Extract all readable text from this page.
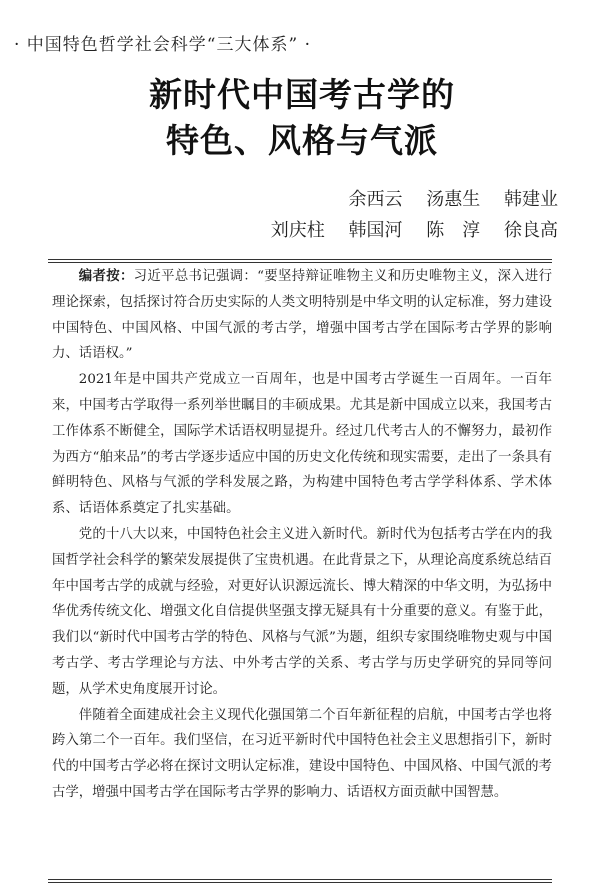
· 中国特色哲学社会科学“三大体系” ·
新时代中国考古学的
特色、风格与气派
余西云 汤惠生 韩建业
刘庆柱 韩国河 陈　淳 徐良高

编者按：习近平总书记强调：“要坚持辩证唯物主义和历史唯物主义，深入进行理论探索，包括探讨符合历史实际的人类文明特别是中华文明的认定标准，努力建设中国特色、中国风格、中国气派的考古学，增强中国考古学在国际考古学界的影响力、话语权。”

2021年是中国共产党成立一百周年，也是中国考古学诞生一百周年。一百年来，中国考古学取得一系列举世瞩目的丰硕成果。尤其是新中国成立以来，我国考古工作体系不断健全，国际学术话语权明显提升。经过几代考古人的不懈努力，最初作为西方“舶来品”的考古学逐步适应中国的历史文化传统和现实需要，走出了一条具有鲜明特色、风格与气派的学科发展之路，为构建中国特色考古学学科体系、学术体系、话语体系奠定了扎实基础。

党的十八大以来，中国特色社会主义进入新时代。新时代为包括考古学在内的我国哲学社会科学的繁荣发展提供了宝贵机遇。在此背景之下，从理论高度系统总结百年中国考古学的成就与经验，对更好认识源远流长、博大精深的中华文明，为弘扬中华优秀传统文化、增强文化自信提供坚强支撑无疑具有十分重要的意义。有鉴于此，我们以“新时代中国考古学的特色、风格与气派”为题，组织专家围绕唯物史观与中国考古学、考古学理论与方法、中外考古学的关系、考古学与历史学研究的异同等问题，从学术史角度展开讨论。

伴随着全面建成社会主义现代化强国第二个百年新征程的启航，中国考古学也将跨入第二个一百年。我们坚信，在习近平新时代中国特色社会主义思想指引下，新时代的中国考古学必将在探讨文明认定标准，建设中国特色、中国风格、中国气派的考古学，增强中国考古学在国际考古学界的影响力、话语权方面贡献中国智慧。
